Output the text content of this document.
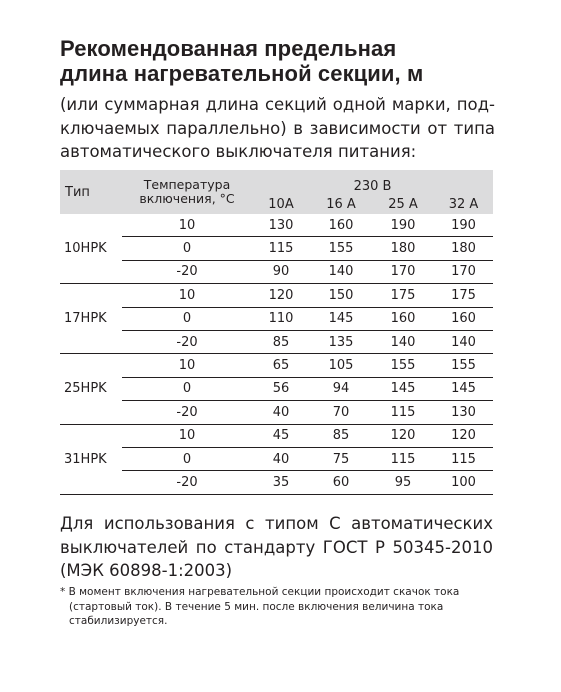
Рекомендованная предельная
длина нагревательной секции, м
(или суммарная длина секций одной марки, под-
ключаемых параллельно) в зависимости от типа
автоматического выключателя питания:
Тип	Температура
включения, °С	230 В			
		10А	16 А	25 А	32 А
10HPK	10	130	160	190	190
	0	115	155	180	180
	-20	90	140	170	170
17HPK	10	120	150	175	175
	0	110	145	160	160
	-20	85	135	140	140
25HPK	10	65	105	155	155
	0	56	94	145	145
	-20	40	70	115	130
31HPK	10	45	85	120	120
	0	40	75	115	115
	-20	35	60	95	100
Для использования с типом С автоматических
выключателей по стандарту ГОСТ Р 50345-2010
(МЭК 60898-1:2003)
* В момент включения нагревательной секции происходит скачок тока
(стартовый ток). В течение 5 мин. после включения величина тока
стабилизируется.
